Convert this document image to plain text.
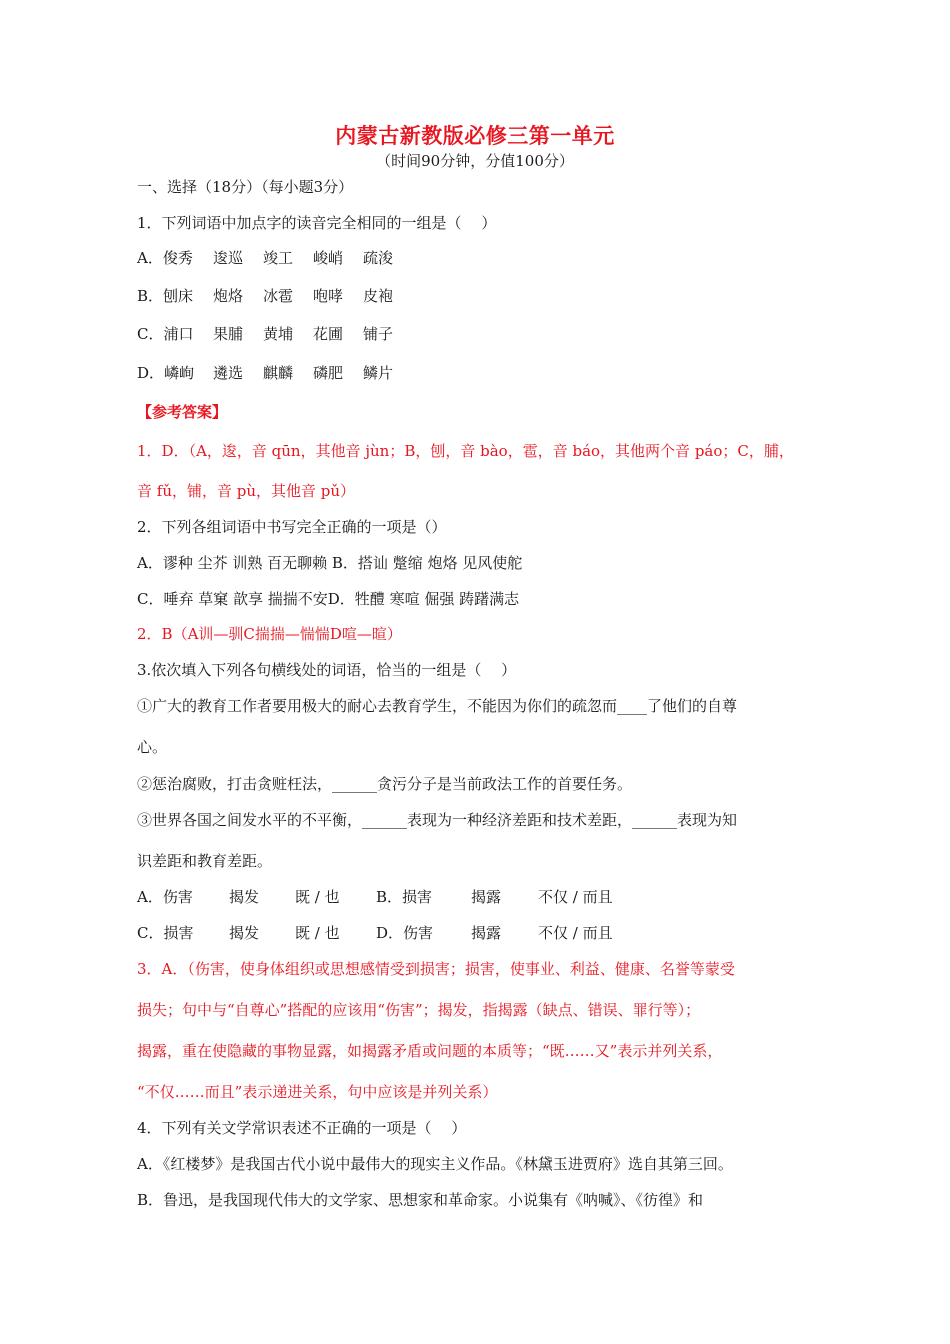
内蒙古新教版必修三第一单元
（时间90分钟，分值100分）
一、选择（18分）（每小题3分）
1．下列词语中加点字的读音完全相同的一组是（　 ）
A．俊秀 逡巡 竣工 峻峭 疏浚
B．刨床 炮烙 冰雹 咆哮 皮袍
C．浦口 果脯 黄埔 花圃 铺子
D．嶙峋 遴选 麒麟 磷肥 鳞片
【参考答案】
1．D．（A，逡，音 qūn，其他音 jùn；B，刨，音 bào，雹，音 báo，其他两个音 páo；C，脯，
音 fǔ，铺，音 pù，其他音 pǔ）
2．下列各组词语中书写完全正确的一项是（）
A．谬种 尘芥 训熟 百无聊赖 B．搭讪 蹩缩 炮烙 见风使舵
C．唾弃 草窠 歆享 揣揣不安D．牲醴 寒喧 倔强 踌躇满志
2．B（A训—驯C揣揣—惴惴D喧—暄）
3.依次填入下列各句横线处的词语，恰当的一组是（　 ）
①广大的教育工作者要用极大的耐心去教育学生，不能因为你们的疏忽而____了他们的自尊
心。
②惩治腐败，打击贪赃枉法，______贪污分子是当前政法工作的首要任务。
③世界各国之间发水平的不平衡，______表现为一种经济差距和技术差距，______表现为知
识差距和教育差距。
A．伤害 揭发 既 / 也 B．损害	揭露 不仅 / 而且
C．损害 揭发 既 / 也 D．伤害	揭露 不仅 / 而且
3．A．（伤害，使身体组织或思想感情受到损害；损害，使事业、利益、健康、名誉等蒙受
损失；句中与“自尊心”搭配的应该用“伤害”；揭发，指揭露（缺点、错误、罪行等）；
揭露，重在使隐藏的事物显露，如揭露矛盾或问题的本质等；“既……又”表示并列关系，
“不仅……而且”表示递进关系，句中应该是并列关系）
4．下列有关文学常识表述不正确的一项是（　 ）
A．《红楼梦》是我国古代小说中最伟大的现实主义作品。《林黛玉进贾府》选自其第三回。
B．鲁迅，是我国现代伟大的文学家、思想家和革命家。小说集有《呐喊》、《彷徨》和
